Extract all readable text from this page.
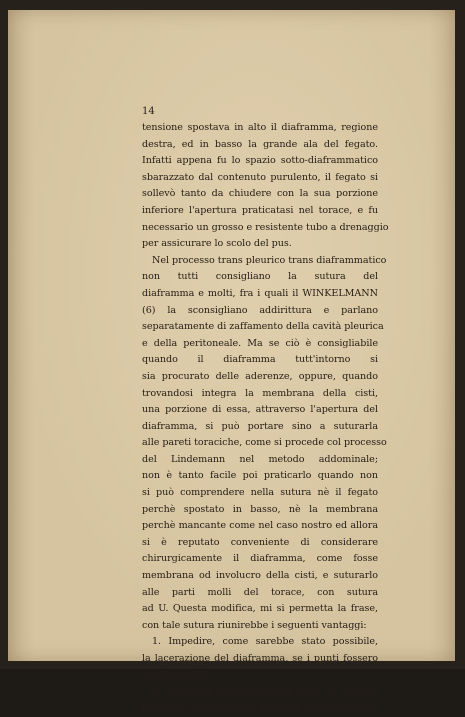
14
tensione spostava in alto il diaframma, regione
destra, ed in basso la grande ala del fegato.
Infatti appena fu lo spazio sotto-diaframmatico
sbarazzato dal contenuto purulento, il fegato si
sollevò tanto da chiudere con la sua porzione
inferiore l'apertura praticatasi nel torace, e fu
necessario un grosso e resistente tubo a drenaggio
per assicurare lo scolo del pus.
Nel processo trans pleurico trans diaframmatico
non tutti consigliano la sutura del
diaframma e molti, fra i quali il WINKELMANN
(6) la sconsigliano addirittura e parlano
separatamente di zaffamento della cavità pleurica
e della peritoneale. Ma se ciò è consigliabile
quando il diaframma tutt'intorno si
sia procurato delle aderenze, oppure, quando
trovandosi integra la membrana della cisti,
una porzione di essa, attraverso l'apertura del
diaframma, si può portare sino a suturarla
alle pareti toraciche, come si procede col processo
del Lindemann nel metodo addominale;
non è tanto facile poi praticarlo quando non
si può comprendere nella sutura nè il fegato
perchè spostato in basso, nè la membrana
perchè mancante come nel caso nostro ed allora
si è reputato conveniente di considerare
chirurgicamente il diaframma, come fosse
membrana od involucro della cisti, e suturarlo
alle parti molli del torace, con sutura
ad U. Questa modifica, mi si permetta la frase,
con tale sutura riunirebbe i seguenti vantaggi:
1. Impedire, come sarebbe stato possibile,
la lacerazione del diaframma, se i punti fossero
stati semplici.
2. Chiudere ermeticamente tutte le cavità,
formando attorno delle barriere insormontabili.
